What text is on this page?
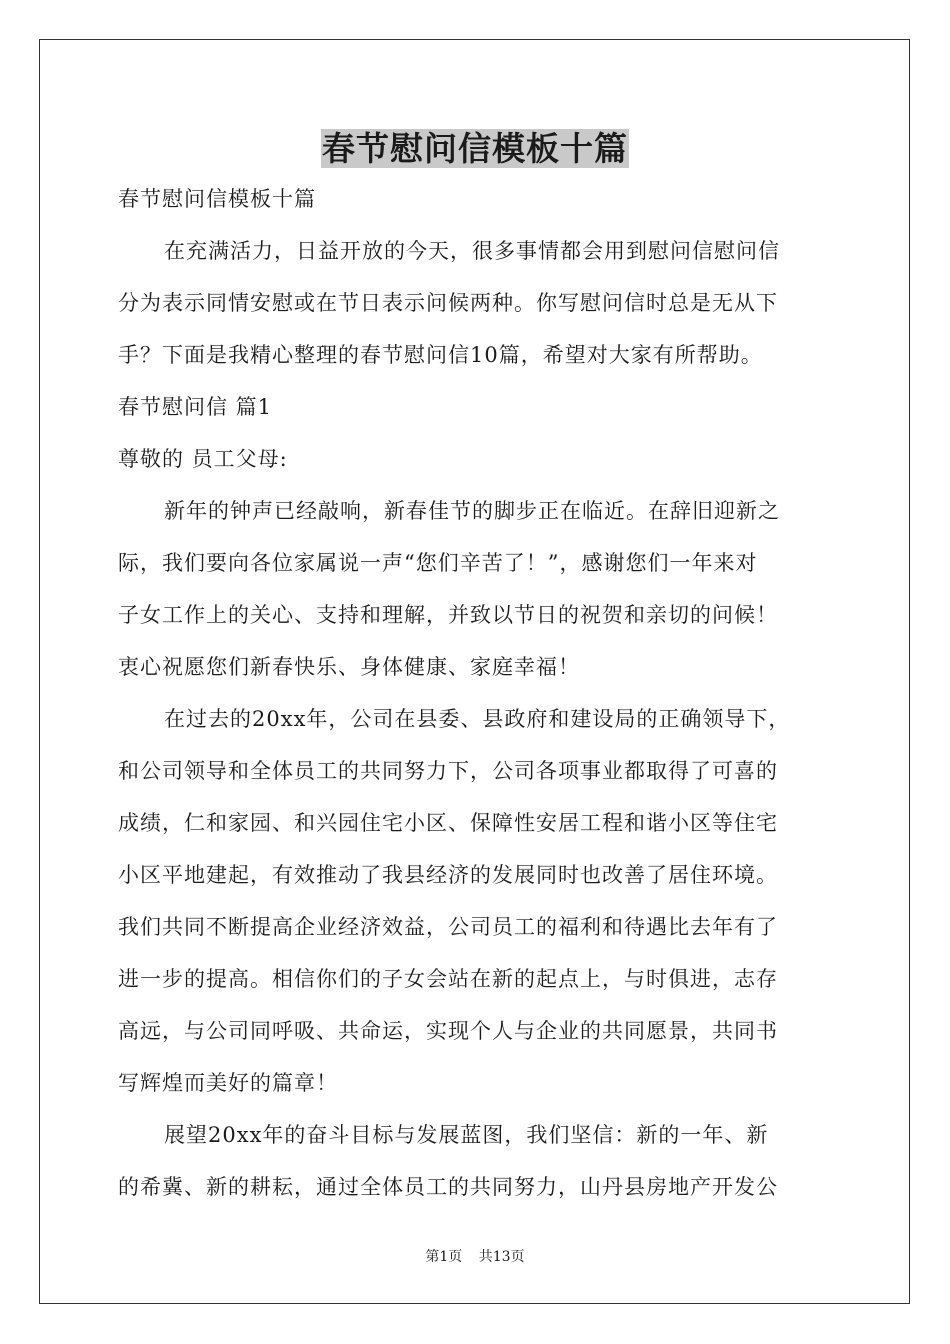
春节慰问信模板十篇
春节慰问信模板十篇
在充满活力，日益开放的今天，很多事情都会用到慰问信慰问信
分为表示同情安慰或在节日表示问候两种。你写慰问信时总是无从下
手？下面是我精心整理的春节慰问信10篇，希望对大家有所帮助。
春节慰问信 篇1
尊敬的 员工父母:
新年的钟声已经敲响，新春佳节的脚步正在临近。在辞旧迎新之
际，我们要向各位家属说一声“您们辛苦了！”，感谢您们一年来对
子女工作上的关心、支持和理解，并致以节日的祝贺和亲切的问候！
衷心祝愿您们新春快乐、身体健康、家庭幸福！
在过去的20xx年，公司在县委、县政府和建设局的正确领导下，
和公司领导和全体员工的共同努力下，公司各项事业都取得了可喜的
成绩，仁和家园、和兴园住宅小区、保障性安居工程和谐小区等住宅
小区平地建起，有效推动了我县经济的发展同时也改善了居住环境。
我们共同不断提高企业经济效益，公司员工的福利和待遇比去年有了
进一步的提高。相信你们的子女会站在新的起点上，与时俱进，志存
高远，与公司同呼吸、共命运，实现个人与企业的共同愿景，共同书
写辉煌而美好的篇章！
展望20xx年的奋斗目标与发展蓝图，我们坚信：新的一年、新
的希冀、新的耕耘，通过全体员工的共同努力，山丹县房地产开发公
第1页 共13页
